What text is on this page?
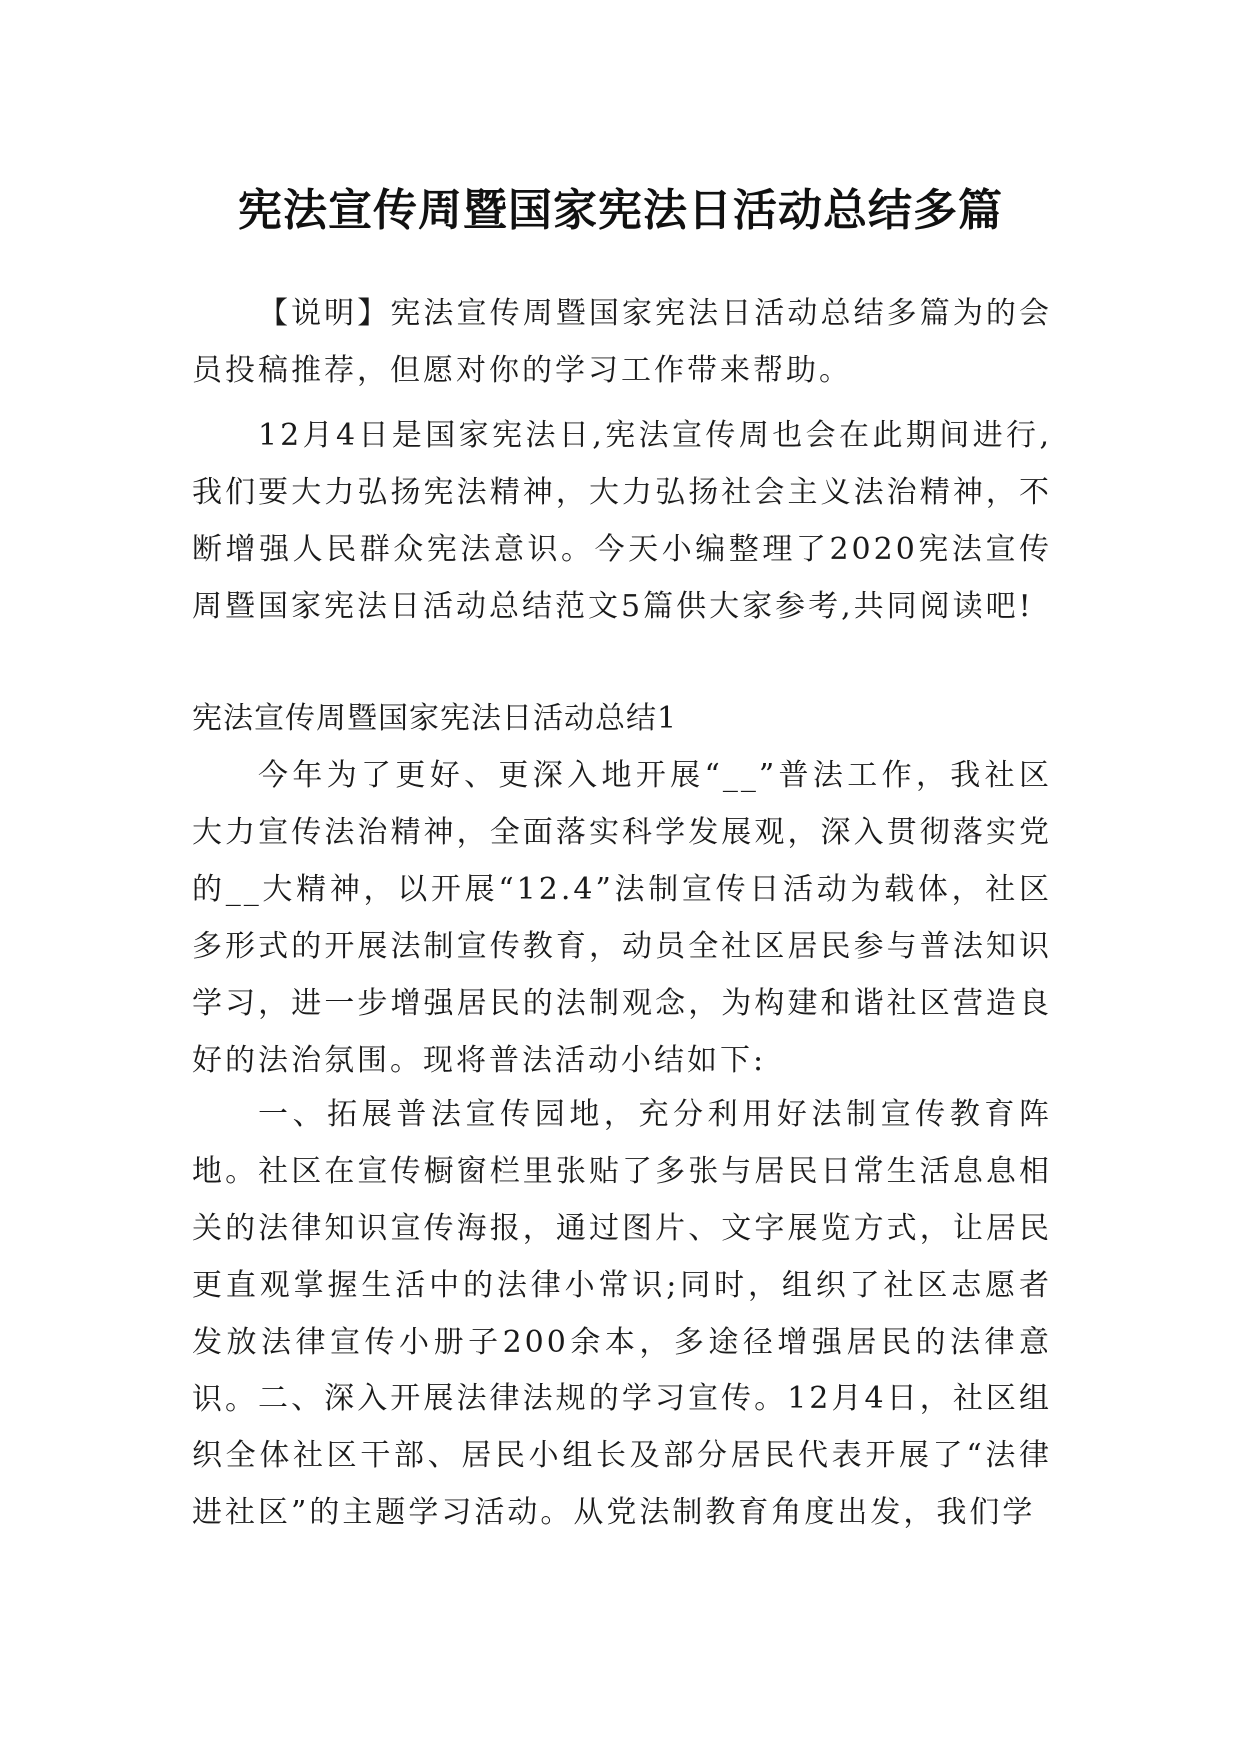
宪法宣传周暨国家宪法日活动总结多篇

【说明】宪法宣传周暨国家宪法日活动总结多篇为的会员投稿推荐，但愿对你的学习工作带来帮助。

12月4日是国家宪法日,宪法宣传周也会在此期间进行,我们要大力弘扬宪法精神，大力弘扬社会主义法治精神，不断增强人民群众宪法意识。今天小编整理了2020宪法宣传周暨国家宪法日活动总结范文5篇供大家参考,共同阅读吧!

宪法宣传周暨国家宪法日活动总结1

今年为了更好、更深入地开展“__”普法工作，我社区大力宣传法治精神，全面落实科学发展观，深入贯彻落实党的__大精神，以开展“12.4”法制宣传日活动为载体，社区多形式的开展法制宣传教育，动员全社区居民参与普法知识学习，进一步增强居民的法制观念，为构建和谐社区营造良好的法治氛围。现将普法活动小结如下:

一、拓展普法宣传园地，充分利用好法制宣传教育阵地。社区在宣传橱窗栏里张贴了多张与居民日常生活息息相关的法律知识宣传海报，通过图片、文字展览方式，让居民更直观掌握生活中的法律小常识;同时，组织了社区志愿者发放法律宣传小册子200余本，多途径增强居民的法律意识。 二、深入开展法律法规的学习宣传。12月4日，社区组织全体社区干部、居民小组长及部分居民代表开展了“法律进社区”的主题学习活动。从党法制教育角度出发，我们学
